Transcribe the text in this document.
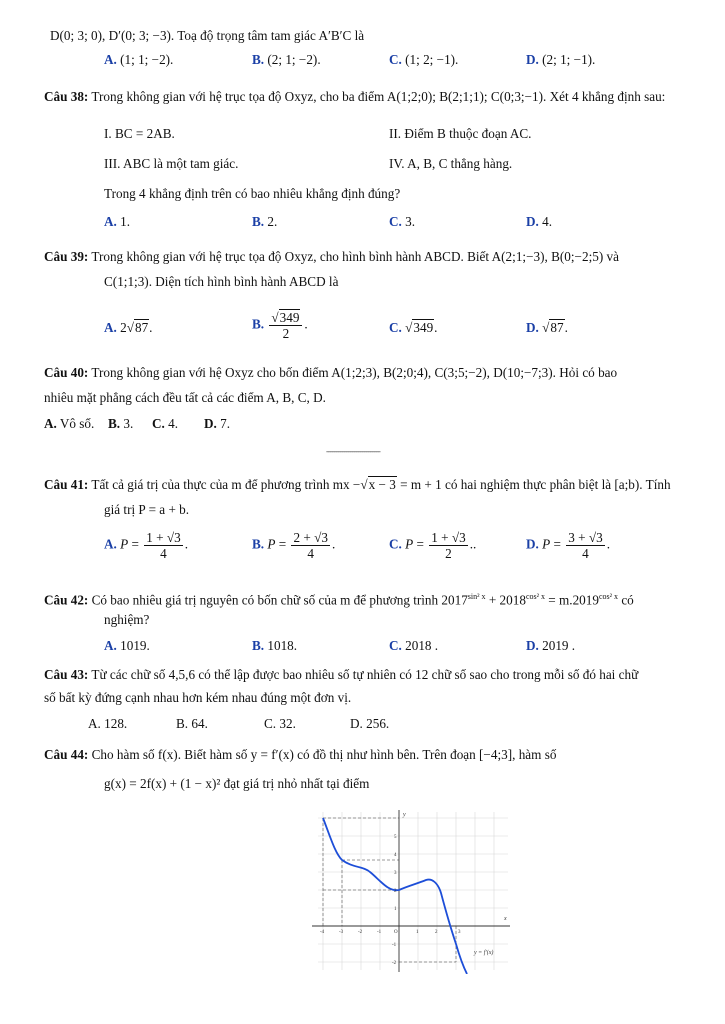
D(0; 3; 0), D′(0; 3; −3). Toạ độ trọng tâm tam giác A′B′C là
A. (1; 1; −2).	B. (2; 1; −2).	C. (1; 2; −1).	D. (2; 1; −1).
Câu 38: Trong không gian với hệ trục tọa độ Oxyz, cho ba điểm A(1;2;0); B(2;1;1); C(0;3;−1). Xét 4 khẳng định sau:
I. BC = 2AB.	II. Điểm B thuộc đoạn AC.
III. ABC là một tam giác.	IV. A, B, C thẳng hàng.
Trong 4 khẳng định trên có bao nhiêu khẳng định đúng?
A. 1.	B. 2.	C. 3.	D. 4.
Câu 39: Trong không gian với hệ trục tọa độ Oxyz, cho hình bình hành ABCD. Biết A(2;1;−3), B(0;−2;5) và
C(1;1;3). Diện tích hình bình hành ABCD là
A. 2√87.	B. $\frac{√349}{2}$ .	C. √349.	D. √87.
Câu 40: Trong không gian với hệ Oxyz cho bốn điểm A(1;2;3), B(2;0;4), C(3;5;−2), D(10;−7;3). Hỏi có bao
nhiêu mặt phẳng cách đều tất cả các điểm A, B, C, D.
A. Vô số. B. 3. C. 4. D. 7.
---------------------------
Câu 41: Tất cả giá trị của thực của m để phương trình mx −√x − 3 = m + 1 có hai nghiệm thực phân biệt là [a;b). Tính
giá trị P = a + b.
A. $P = \frac{1 + √3}{4}$ .	B. $P = \frac{2 + √3}{4}$ .	C. $P = \frac{1 + √3}{2}$ ..	D. $P = \frac{3 + √3}{4}$ .
Câu 42: Có bao nhiêu giá trị nguyên có bốn chữ số của m để phương trình $2017^{sin^2 x} + 2018^{cos^2 x} = m.2019^{cos^2 x}$ có
nghiệm?
A. 1019.	B. 1018.	C. 2018 .	D. 2019 .
Câu 43: Từ các chữ số 4,5,6 có thể lập được bao nhiêu số tự nhiên có 12 chữ số sao cho trong mỗi số đó hai chữ
số bất kỳ đứng cạnh nhau hơn kém nhau đúng một đơn vị.
A. 128.	B. 64.	C. 32.	D. 256.
Câu 44: Cho hàm số f(x). Biết hàm số y = f′(x) có đồ thị như hình bên. Trên đoạn [−4;3], hàm số
g(x) = 2f(x) + (1 − x)² đạt giá trị nhỏ nhất tại điểm
x
y
-4	-3	-2	-1	O	1	2	3
5
4
3
2
1
-1
-2
y = f′(x)
